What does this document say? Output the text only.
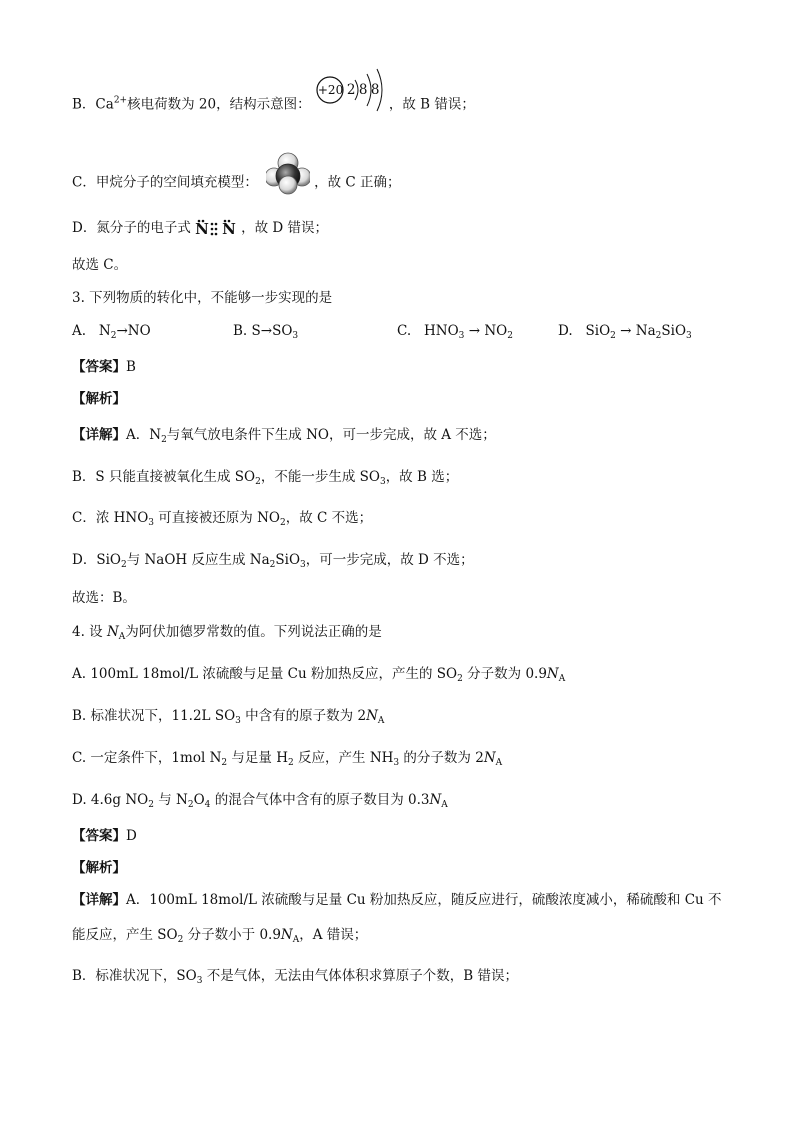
B．$Ca^{2+}$核电荷数为 20，结构示意图：
+20 2 8 8
，故 B 错误；
C．甲烷分子的空间填充模型：	，故 C 正确；
D．氮分子的电子式 N N ，故 D 错误；
故选 C。
3. 下列物质的转化中，不能够一步实现的是
A. $N_2\to NO$	B. $S\to SO_3$	C. $HNO_3 \to NO_2$	D. $SiO_2 \to Na_2SiO_3$
【答案】B
【解析】
【详解】A．$N_2$与氧气放电条件下生成 NO，可一步完成，故 A 不选；
B．S 只能直接被氧化生成 $SO_2$，不能一步生成 $SO_3$，故 B 选；
C．浓 $HNO_3$ 可直接被还原为 $NO_2$，故 C 不选；
D．SiO$_2$与 NaOH 反应生成 $Na_2SiO_3$，可一步完成，故 D 不选；
故选：B。
4. 设 $N_A$为阿伏加德罗常数的值。下列说法正确的是
A. 100mL 18mol/L 浓硫酸与足量 Cu 粉加热反应，产生的 $SO_2$ 分子数为 $0.9N_A$
B. 标准状况下，11.2L $SO_3$ 中含有的原子数为 $2N_A$
C. 一定条件下，1mol $N_2$ 与足量 $H_2$ 反应，产生 $NH_3$ 的分子数为 $2N_A$
D. 4.6g $NO_2$ 与 $N_2O_4$ 的混合气体中含有的原子数目为 $0.3N_A$
【答案】D
【解析】
【详解】A．100mL 18mol/L 浓硫酸与足量 Cu 粉加热反应，随反应进行，硫酸浓度减小，稀硫酸和 Cu 不
能反应，产生 $SO_2$ 分子数小于 $0.9N_A$，A 错误；
B．标准状况下，$SO_3$ 不是气体，无法由气体体积求算原子个数，B 错误；
